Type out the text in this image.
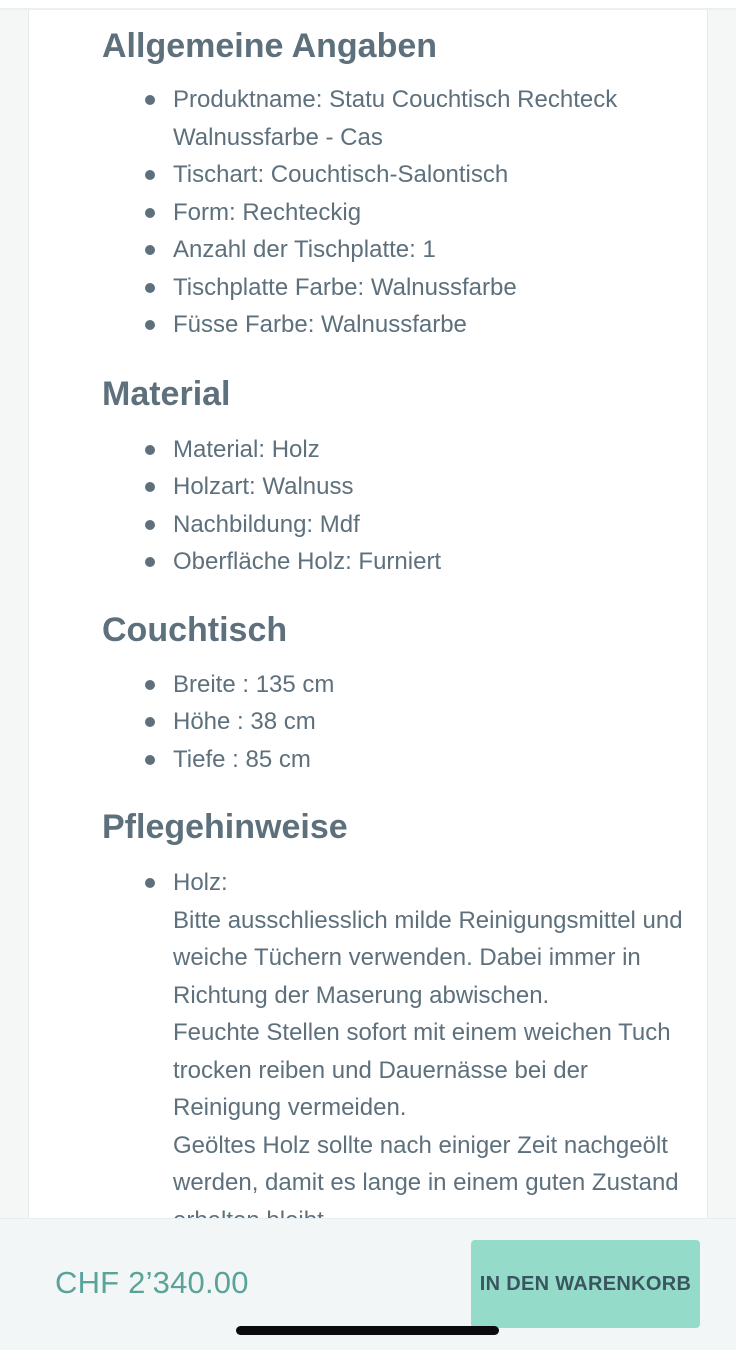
Allgemeine Angaben
Produktname: Statu Couchtisch Rechteck Walnussfarbe - Cas
Tischart: Couchtisch-Salontisch
Form: Rechteckig
Anzahl der Tischplatte: 1
Tischplatte Farbe: Walnussfarbe
Füsse Farbe: Walnussfarbe
Material
Material: Holz
Holzart: Walnuss
Nachbildung: Mdf
Oberfläche Holz: Furniert
Couchtisch
Breite : 135 cm
Höhe : 38 cm
Tiefe : 85 cm
Pflegehinweise
Holz:
Bitte ausschliesslich milde Reinigungsmittel und weiche Tüchern verwenden. Dabei immer in Richtung der Maserung abwischen.
Feuchte Stellen sofort mit einem weichen Tuch trocken reiben und Dauernässe bei der Reinigung vermeiden.
Geöltes Holz sollte nach einiger Zeit nachgeölt werden, damit es lange in einem guten Zustand
CHF 2’340.00	IN DEN WARENKORB
